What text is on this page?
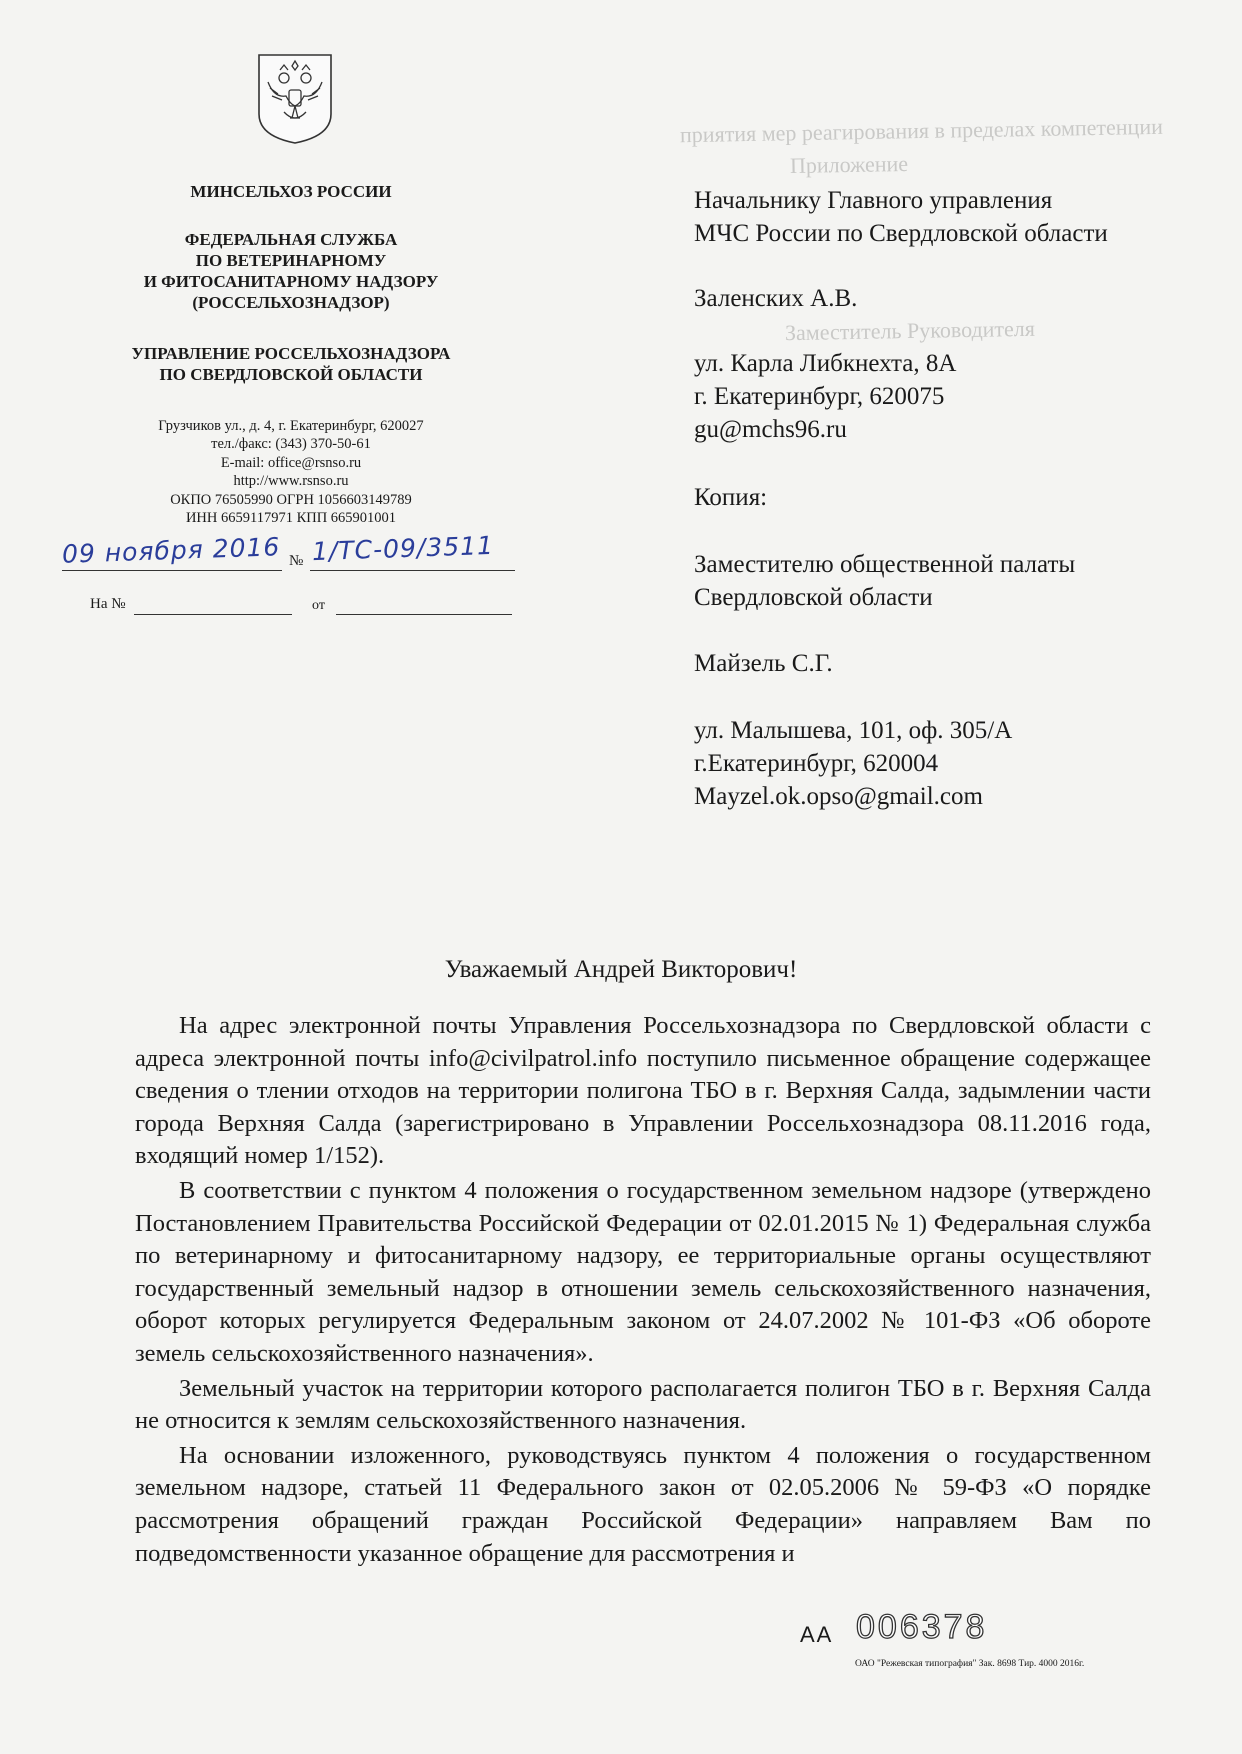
приятия мер реагирования в пределах компетенции
Приложение
Заместитель Руководителя
МИНСЕЛЬХОЗ РОССИИ
ФЕДЕРАЛЬНАЯ СЛУЖБА
ПО ВЕТЕРИНАРНОМУ
И ФИТОСАНИТАРНОМУ НАДЗОРУ
(РОССЕЛЬХОЗНАДЗОР)
УПРАВЛЕНИЕ РОССЕЛЬХОЗНАДЗОРА
ПО СВЕРДЛОВСКОЙ ОБЛАСТИ
Грузчиков ул., д. 4, г. Екатеринбург, 620027
тел./факс: (343) 370-50-61
E-mail: office@rsnso.ru
http://www.rsnso.ru
ОКПО 76505990 ОГРН 1056603149789
ИНН 6659117971 КПП 665901001
09 ноября 2016 № 1/ТС-09/3511
На №	от
Начальнику Главного управления
МЧС России по Свердловской области
Заленских А.В.
ул. Карла Либкнехта, 8А
г. Екатеринбург, 620075
gu@mchs96.ru
Копия:
Заместителю общественной палаты
Свердловской области
Майзель С.Г.
ул. Малышева, 101, оф. 305/А
г.Екатеринбург, 620004
Mayzel.ok.opso@gmail.com
Уважаемый Андрей Викторович!

На адрес электронной почты Управления Россельхознадзора по Свердловской области с адреса электронной почты info@civilpatrol.info поступило письменное обращение содержащее сведения о тлении отходов на территории полигона ТБО в г. Верхняя Салда, задымлении части города Верхняя Салда (зарегистрировано в Управлении Россельхознадзора 08.11.2016 года, входящий номер 1/152).

В соответствии с пунктом 4 положения о государственном земельном надзоре (утверждено Постановлением Правительства Российской Федерации от 02.01.2015 № 1) Федеральная служба по ветеринарному и фитосанитарному надзору, ее территориальные органы осуществляют государственный земельный надзор в отношении земель сельскохозяйственного назначения, оборот которых регулируется Федеральным законом от 24.07.2002 № 101-ФЗ «Об обороте земель сельскохозяйственного назначения».

Земельный участок на территории которого располагается полигон ТБО в г. Верхняя Салда не относится к землям сельскохозяйственного назначения.

На основании изложенного, руководствуясь пунктом 4 положения о государственном земельном надзоре, статьей 11 Федерального закон от 02.05.2006 № 59-ФЗ «О порядке рассмотрения обращений граждан Российской Федерации» направляем Вам по подведомственности указанное обращение для рассмотрения и

АА 006378
ОАО "Режевская типография" Зак. 8698 Тир. 4000 2016г.
